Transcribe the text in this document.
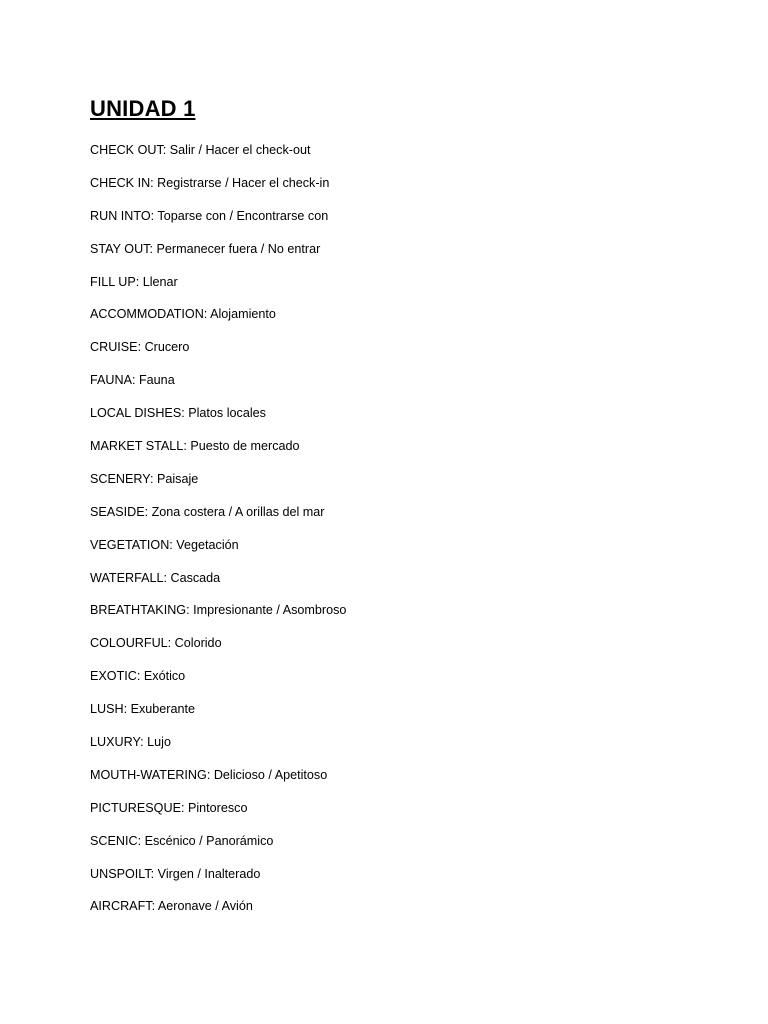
UNIDAD 1
CHECK OUT: Salir / Hacer el check-out
CHECK IN: Registrarse / Hacer el check-in
RUN INTO: Toparse con / Encontrarse con
STAY OUT: Permanecer fuera / No entrar
FILL UP: Llenar
ACCOMMODATION: Alojamiento
CRUISE: Crucero
FAUNA: Fauna
LOCAL DISHES: Platos locales
MARKET STALL: Puesto de mercado
SCENERY: Paisaje
SEASIDE: Zona costera / A orillas del mar
VEGETATION: Vegetación
WATERFALL: Cascada
BREATHTAKING: Impresionante / Asombroso
COLOURFUL: Colorido
EXOTIC: Exótico
LUSH: Exuberante
LUXURY: Lujo
MOUTH-WATERING: Delicioso / Apetitoso
PICTURESQUE: Pintoresco
SCENIC: Escénico / Panorámico
UNSPOILT: Virgen / Inalterado
AIRCRAFT: Aeronave / Avión
